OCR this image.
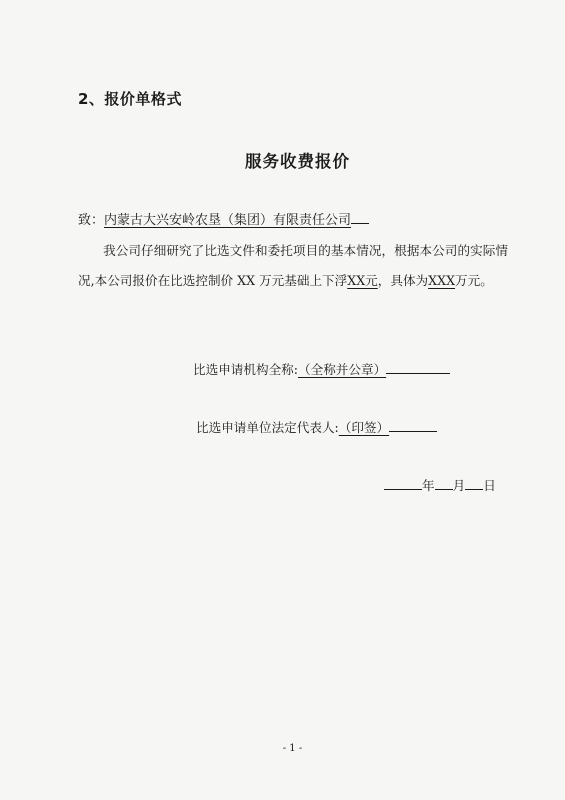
2、报价单格式
服务收费报价
致：内蒙古大兴安岭农垦（集团）有限责任公司
我公司仔细研究了比选文件和委托项目的基本情况，根据本公司的实际情况,本公司报价在比选控制价 XX 万元基础上下浮XX元，具体为XXX万元。
比选申请机构全称:（全称并公章）
比选申请单位法定代表人:（印签）
年 月 日
- 1 -
